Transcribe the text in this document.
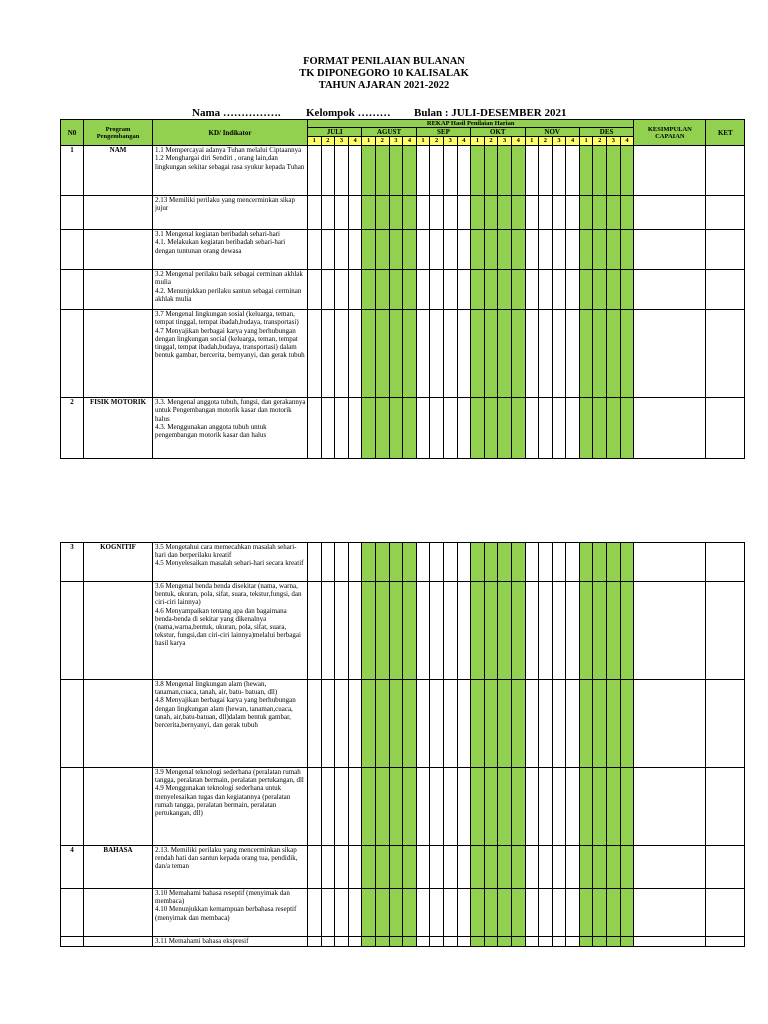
FORMAT PENILAIAN BULANAN
TK DIPONEGORO 10 KALISALAK
TAHUN AJARAN 2021-2022
Nama ……………. Kelompok ……… Bulan : JULI-DESEMBER 2021
N0	Program Pengembangan	KD/ Indikator	REKAP Hasil Penilaian Harian																								KESIMPULAN CAPAIAN	KET
			JULI				AGUST				SEP				OKT				NOV				DES					
			1	2	3	4	1	2	3	4	1	2	3	4	1	2	3	4	1	2	3	4	1	2	3	4		
1	NAM	1.1 Mempercayai adanya Tuhan melalui Ciptaannya
1.2 Menghargai diri Sendiri , orang lain,dan lingkungan sekitar sebagai rasa syukur kepada Tuhan																										
		2.13 Memiliki perilaku yang mencerminkan sikap jujur																										
		3.1 Mengenal kegiatan beribadah sehari-hari
4.1. Melakukan kegiatan beribadah sehari-hari dengan tuntunan orang dewasa																										
		3.2 Mengenal perilaku baik sebagai cerminan akhlak mulia
4.2. Menunjukkan perilaku santun sebagai cerminan akhlak mulia																										
		3.7 Mengenal lingkungan sosial (keluarga, teman, tempat tinggal, tempat ibadah,budaya, transportasi)
4.7 Menyajikan berbagai karya yang berhubungan dengan lingkungan social (keluarga, teman, tempat tinggal, tempat ibadah,budaya, transportasi) dalam bentuk gambar, bercerita, bernyanyi, dan gerak tubuh																										
2	FISIK MOTORIK	3.3. Mengenal anggota tubuh, fungsi, dan gerakannya untuk Pengembangan motorik kasar dan motorik halus
4.3. Menggunakan anggota tubuh untuk pengembangan motorik kasar dan halus																										
3	KOGNITIF	3.5 Mengetahui cara memecahkan masalah sehari-hari dan berperilaku kreatif
4.5 Menyelesaikan masalah sehari-hari secara kreatif																										
		3.6 Mengenal benda benda disekitar (nama, warna, bentuk, ukuran, pola, sifat, suara, tekstur,fungsi, dan ciri-ciri lainnya)
4.6 Menyampaikan tentang apa dan bagaimana benda-benda di sekitar yang dikenalnya (nama,warna,bentuk, ukuran, pola, sifat, suara, tekstur, fungsi,dan ciri-ciri lainnya)melalui berbagai hasil karya																										
		3.8 Mengenal lingkungan alam (hewan, tanaman,cuaca, tanah, air, batu- batuan, dll)
4.8 Menyajikan berbagai karya yang berhubungan dengan lingkungan alam (hewan, tanaman,cuaca, tanah, air,batu-batuan, dll)dalam bentuk gambar, bercerita,bernyanyi, dan gerak tubuh																										
		3.9 Mengenal teknologi sederhana (peralatan rumah tangga, peralatan bermain, peralatan pertukangan, dll
4.9 Menggunakan teknologi sederhana untuk menyelesaikan tugas dan kegiatannya (peralatan rumah tangga, peralatan bermain, peralatan pertukangan, dll)																										
4	BAHASA	2.13. Memiliki perilaku yang mencerminkan sikap rendah hati dan santun kepada orang tua, pendidik, dan/a teman																										
		3.10 Memahami bahasa reseptif (menyimak dan membaca)
4.10 Menunjukkan kemampuan berbahasa reseptif (menyimak dan membaca)																										
		3.11 Memahami bahasa ekspresif																										
